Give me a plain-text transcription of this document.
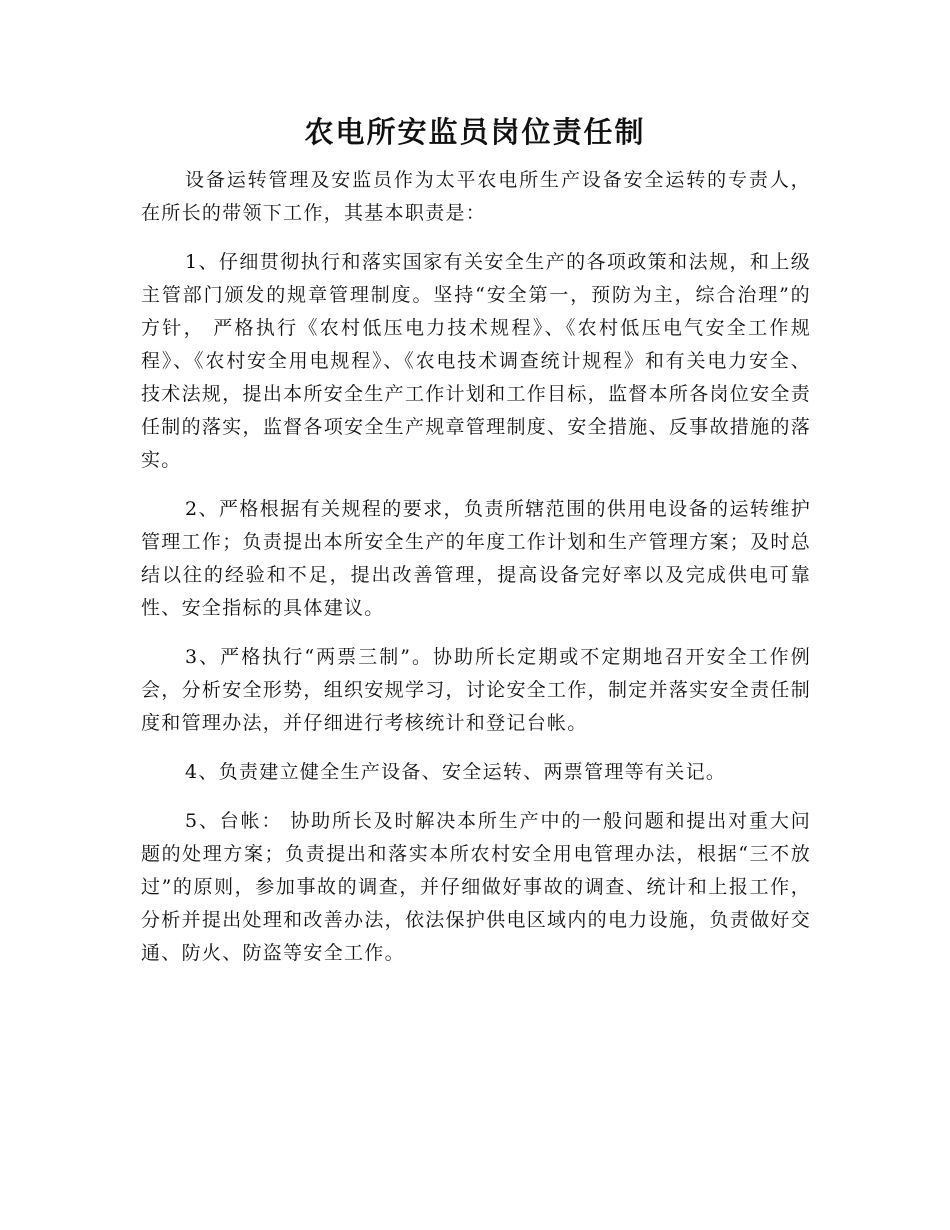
农电所安监员岗位责任制

设备运转管理及安监员作为太平农电所生产设备安全运转的专责人，在所长的带领下工作，其基本职责是：

1、仔细贯彻执行和落实国家有关安全生产的各项政策和法规，和上级主管部门颁发的规章管理制度。坚持“安全第一，预防为主，综合治理”的方针， 严格执行《农村低压电力技术规程》、《农村低压电气安全工作规程》、《农村安全用电规程》、《农电技术调查统计规程》和有关电力安全、技术法规，提出本所安全生产工作计划和工作目标，监督本所各岗位安全责任制的落实，监督各项安全生产规章管理制度、安全措施、反事故措施的落实。

2、严格根据有关规程的要求，负责所辖范围的供用电设备的运转维护管理工作；负责提出本所安全生产的年度工作计划和生产管理方案；及时总结以往的经验和不足，提出改善管理，提高设备完好率以及完成供电可靠性、安全指标的具体建议。

3、严格执行“两票三制”。协助所长定期或不定期地召开安全工作例会，分析安全形势，组织安规学习，讨论安全工作，制定并落实安全责任制度和管理办法，并仔细进行考核统计和登记台帐。

4、负责建立健全生产设备、安全运转、两票管理等有关记。

5、台帐： 协助所长及时解决本所生产中的一般问题和提出对重大问题的处理方案；负责提出和落实本所农村安全用电管理办法，根据“三不放过”的原则，参加事故的调查，并仔细做好事故的调查、统计和上报工作，分析并提出处理和改善办法，依法保护供电区域内的电力设施，负责做好交通、防火、防盗等安全工作。
